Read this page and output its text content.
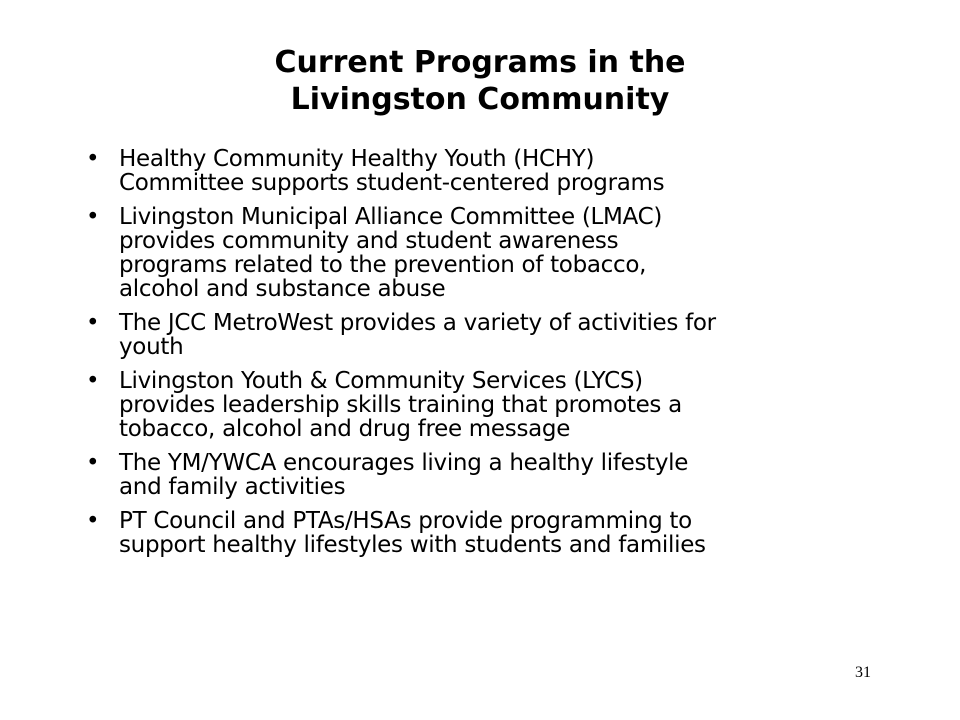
Current Programs in the
Livingston Community
• Healthy Community Healthy Youth (HCHY)
Committee supports student-centered programs
• Livingston Municipal Alliance Committee (LMAC)
provides community and student awareness
programs related to the prevention of tobacco,
alcohol and substance abuse
• The JCC MetroWest provides a variety of activities for
youth
• Livingston Youth & Community Services (LYCS)
provides leadership skills training that promotes a
tobacco, alcohol and drug free message
• The YM/YWCA encourages living a healthy lifestyle
and family activities
• PT Council and PTAs/HSAs provide programming to
support healthy lifestyles with students and families
31
